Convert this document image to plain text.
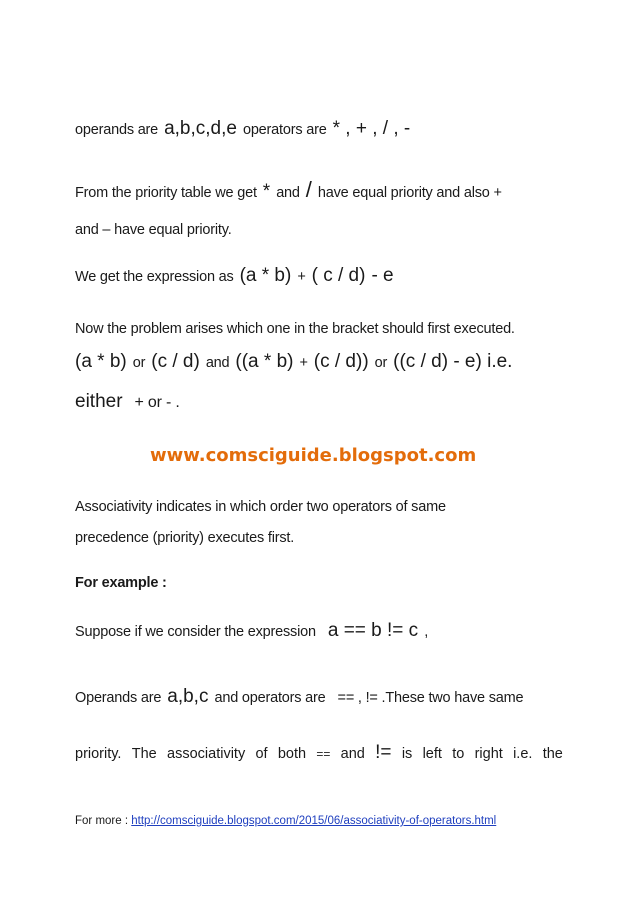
operands are a,b,c,d,e operators are * , + , / , -
From the priority table we get * and / have equal priority and also +
and – have equal priority.
We get the expression as (a * b) + ( c / d) - e
Now the problem arises which one in the bracket should first executed.
(a * b) or (c / d) and ((a * b) + (c / d)) or ((c / d) - e) i.e.
either + or - .
www.comsciguide.blogspot.com
Associativity indicates in which order two operators of same
precedence (priority) executes first.
For example :
Suppose if we consider the expression a == b != c ,
Operands are a,b,c and operators are == , != .These two have same
priority. The associativity of both == and != is left to right i.e. the
For more : http://comsciguide.blogspot.com/2015/06/associativity-of-operators.html
